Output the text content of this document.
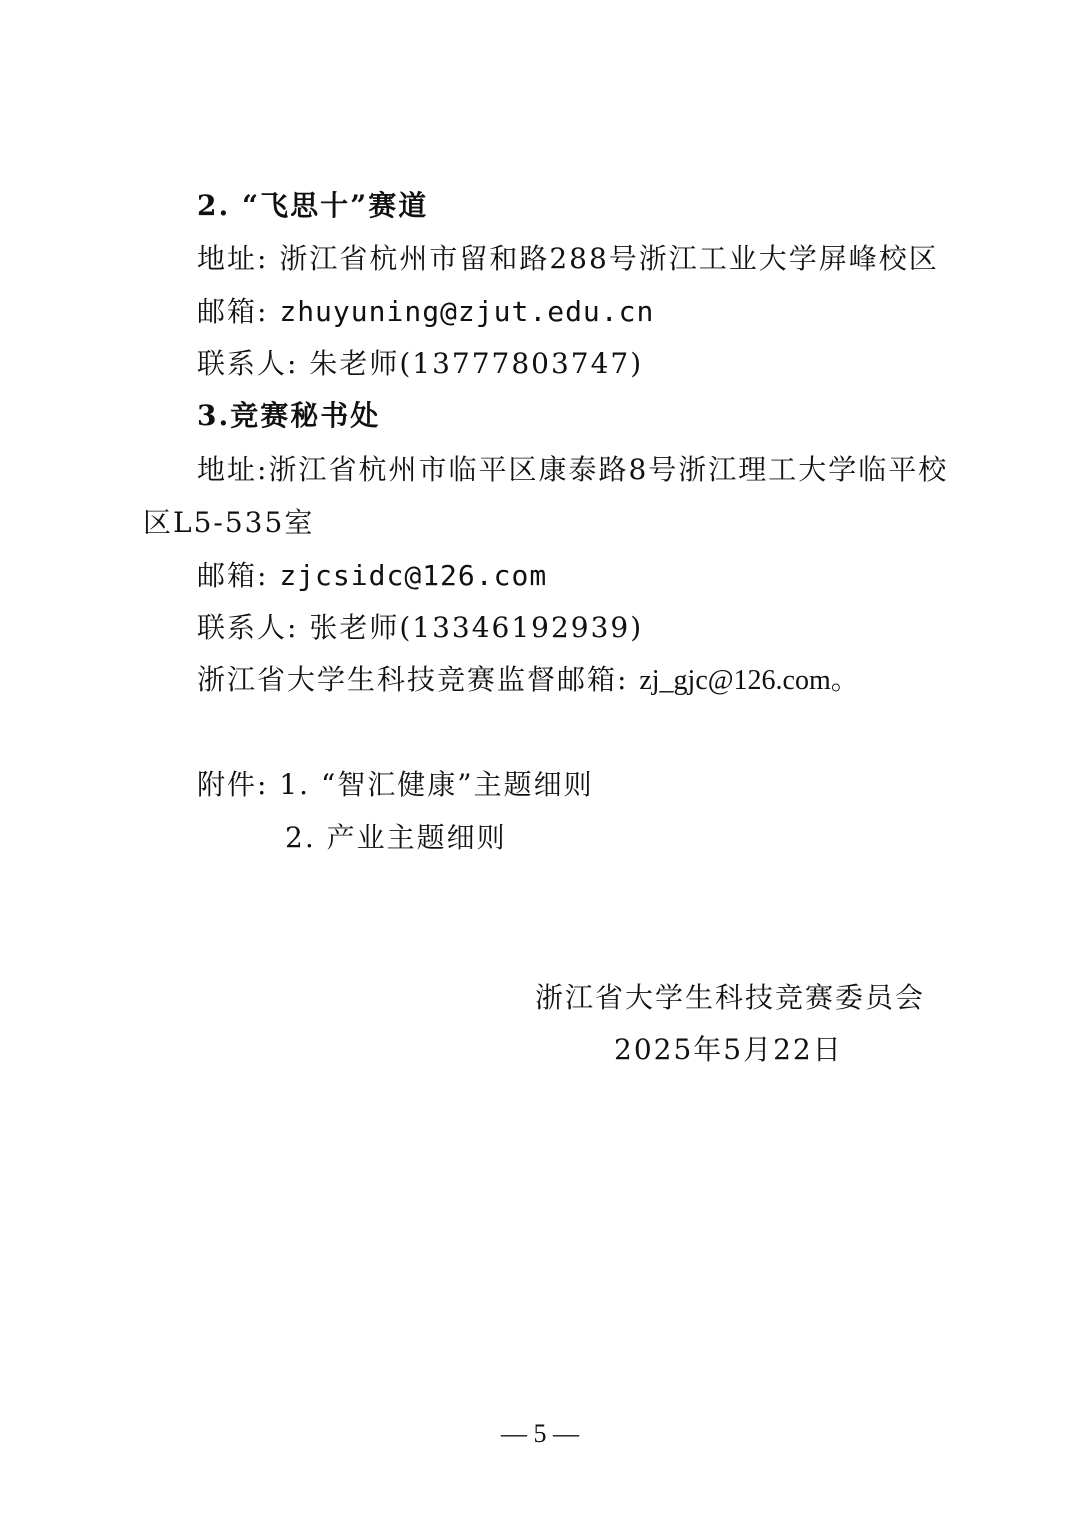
2. “飞思十”赛道
地址: 浙江省杭州市留和路288号浙江工业大学屏峰校区
邮箱: zhuyuning@zjut.edu.cn
联系人: 朱老师(13777803747)
3.竞赛秘书处
地址:浙江省杭州市临平区康泰路8号浙江理工大学临平校
区L5-535室
邮箱: zjcsidc@126.com
联系人: 张老师(13346192939)
浙江省大学生科技竞赛监督邮箱: zj_gjc@126.com。
附件: 1. “智汇健康”主题细则
2. 产业主题细则
浙江省大学生科技竞赛委员会
2025年5月22日
— 5 —
